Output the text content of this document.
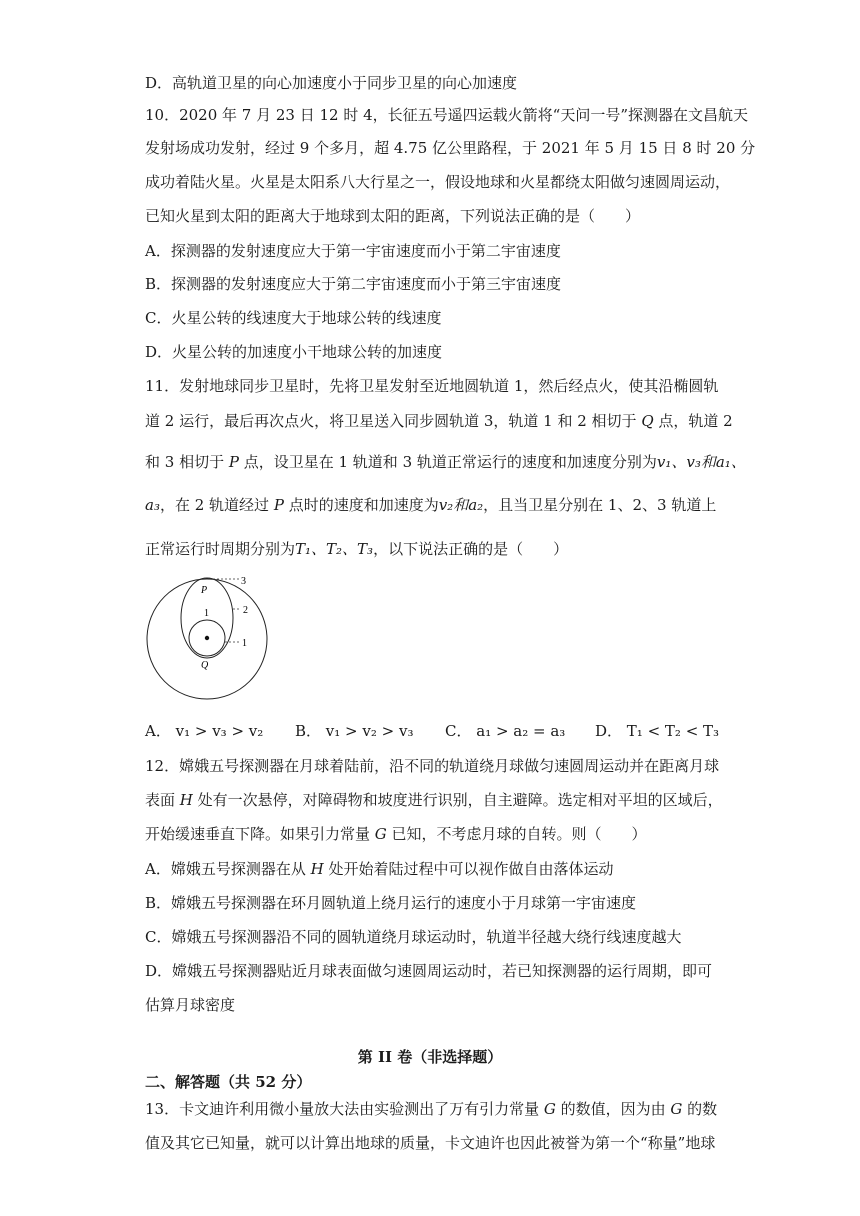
D．高轨道卫星的向心加速度小于同步卫星的向心加速度
10．2020 年 7 月 23 日 12 时 4，长征五号遥四运载火箭将“天问一号”探测器在文昌航天
发射场成功发射，经过 9 个多月，超 4.75 亿公里路程，于 2021 年 5 月 15 日 8 时 20 分
成功着陆火星。火星是太阳系八大行星之一，假设地球和火星都绕太阳做匀速圆周运动，
已知火星到太阳的距离大于地球到太阳的距离，下列说法正确的是（　　）
A．探测器的发射速度应大于第一宇宙速度而小于第二宇宙速度
B．探测器的发射速度应大于第二宇宙速度而小于第三宇宙速度
C．火星公转的线速度大于地球公转的线速度
D．火星公转的加速度小干地球公转的加速度
11．发射地球同步卫星时，先将卫星发射至近地圆轨道 1，然后经点火，使其沿椭圆轨
道 2 运行，最后再次点火，将卫星送入同步圆轨道 3，轨道 1 和 2 相切于 Q 点，轨道 2
和 3 相切于 P 点，设卫星在 1 轨道和 3 轨道正常运行的速度和加速度分别为v₁、v₃和a₁、
a₃，在 2 轨道经过 P 点时的速度和加速度为v₂和a₂，且当卫星分别在 1、2、3 轨道上
正常运行时周期分别为T₁、T₂、T₃，以下说法正确的是（　　）
3
2
1
P
1
Q
A． v₁ > v₃ > v₂ B． v₁ > v₂ > v₃ C． a₁ > a₂ = a₃ D． T₁ < T₂ < T₃
12．嫦娥五号探测器在月球着陆前，沿不同的轨道绕月球做匀速圆周运动并在距离月球
表面 H 处有一次悬停，对障碍物和坡度进行识别，自主避障。选定相对平坦的区域后，
开始缓速垂直下降。如果引力常量 G 已知，不考虑月球的自转。则（　　）
A．嫦娥五号探测器在从 H 处开始着陆过程中可以视作做自由落体运动
B．嫦娥五号探测器在环月圆轨道上绕月运行的速度小于月球第一宇宙速度
C．嫦娥五号探测器沿不同的圆轨道绕月球运动时，轨道半径越大绕行线速度越大
D．嫦娥五号探测器贴近月球表面做匀速圆周运动时，若已知探测器的运行周期，即可
估算月球密度
第 II 卷（非选择题）
二、解答题（共 52 分）
13．卡文迪许利用微小量放大法由实验测出了万有引力常量 G 的数值，因为由 G 的数
值及其它已知量，就可以计算出地球的质量，卡文迪许也因此被誉为第一个“称量”地球
